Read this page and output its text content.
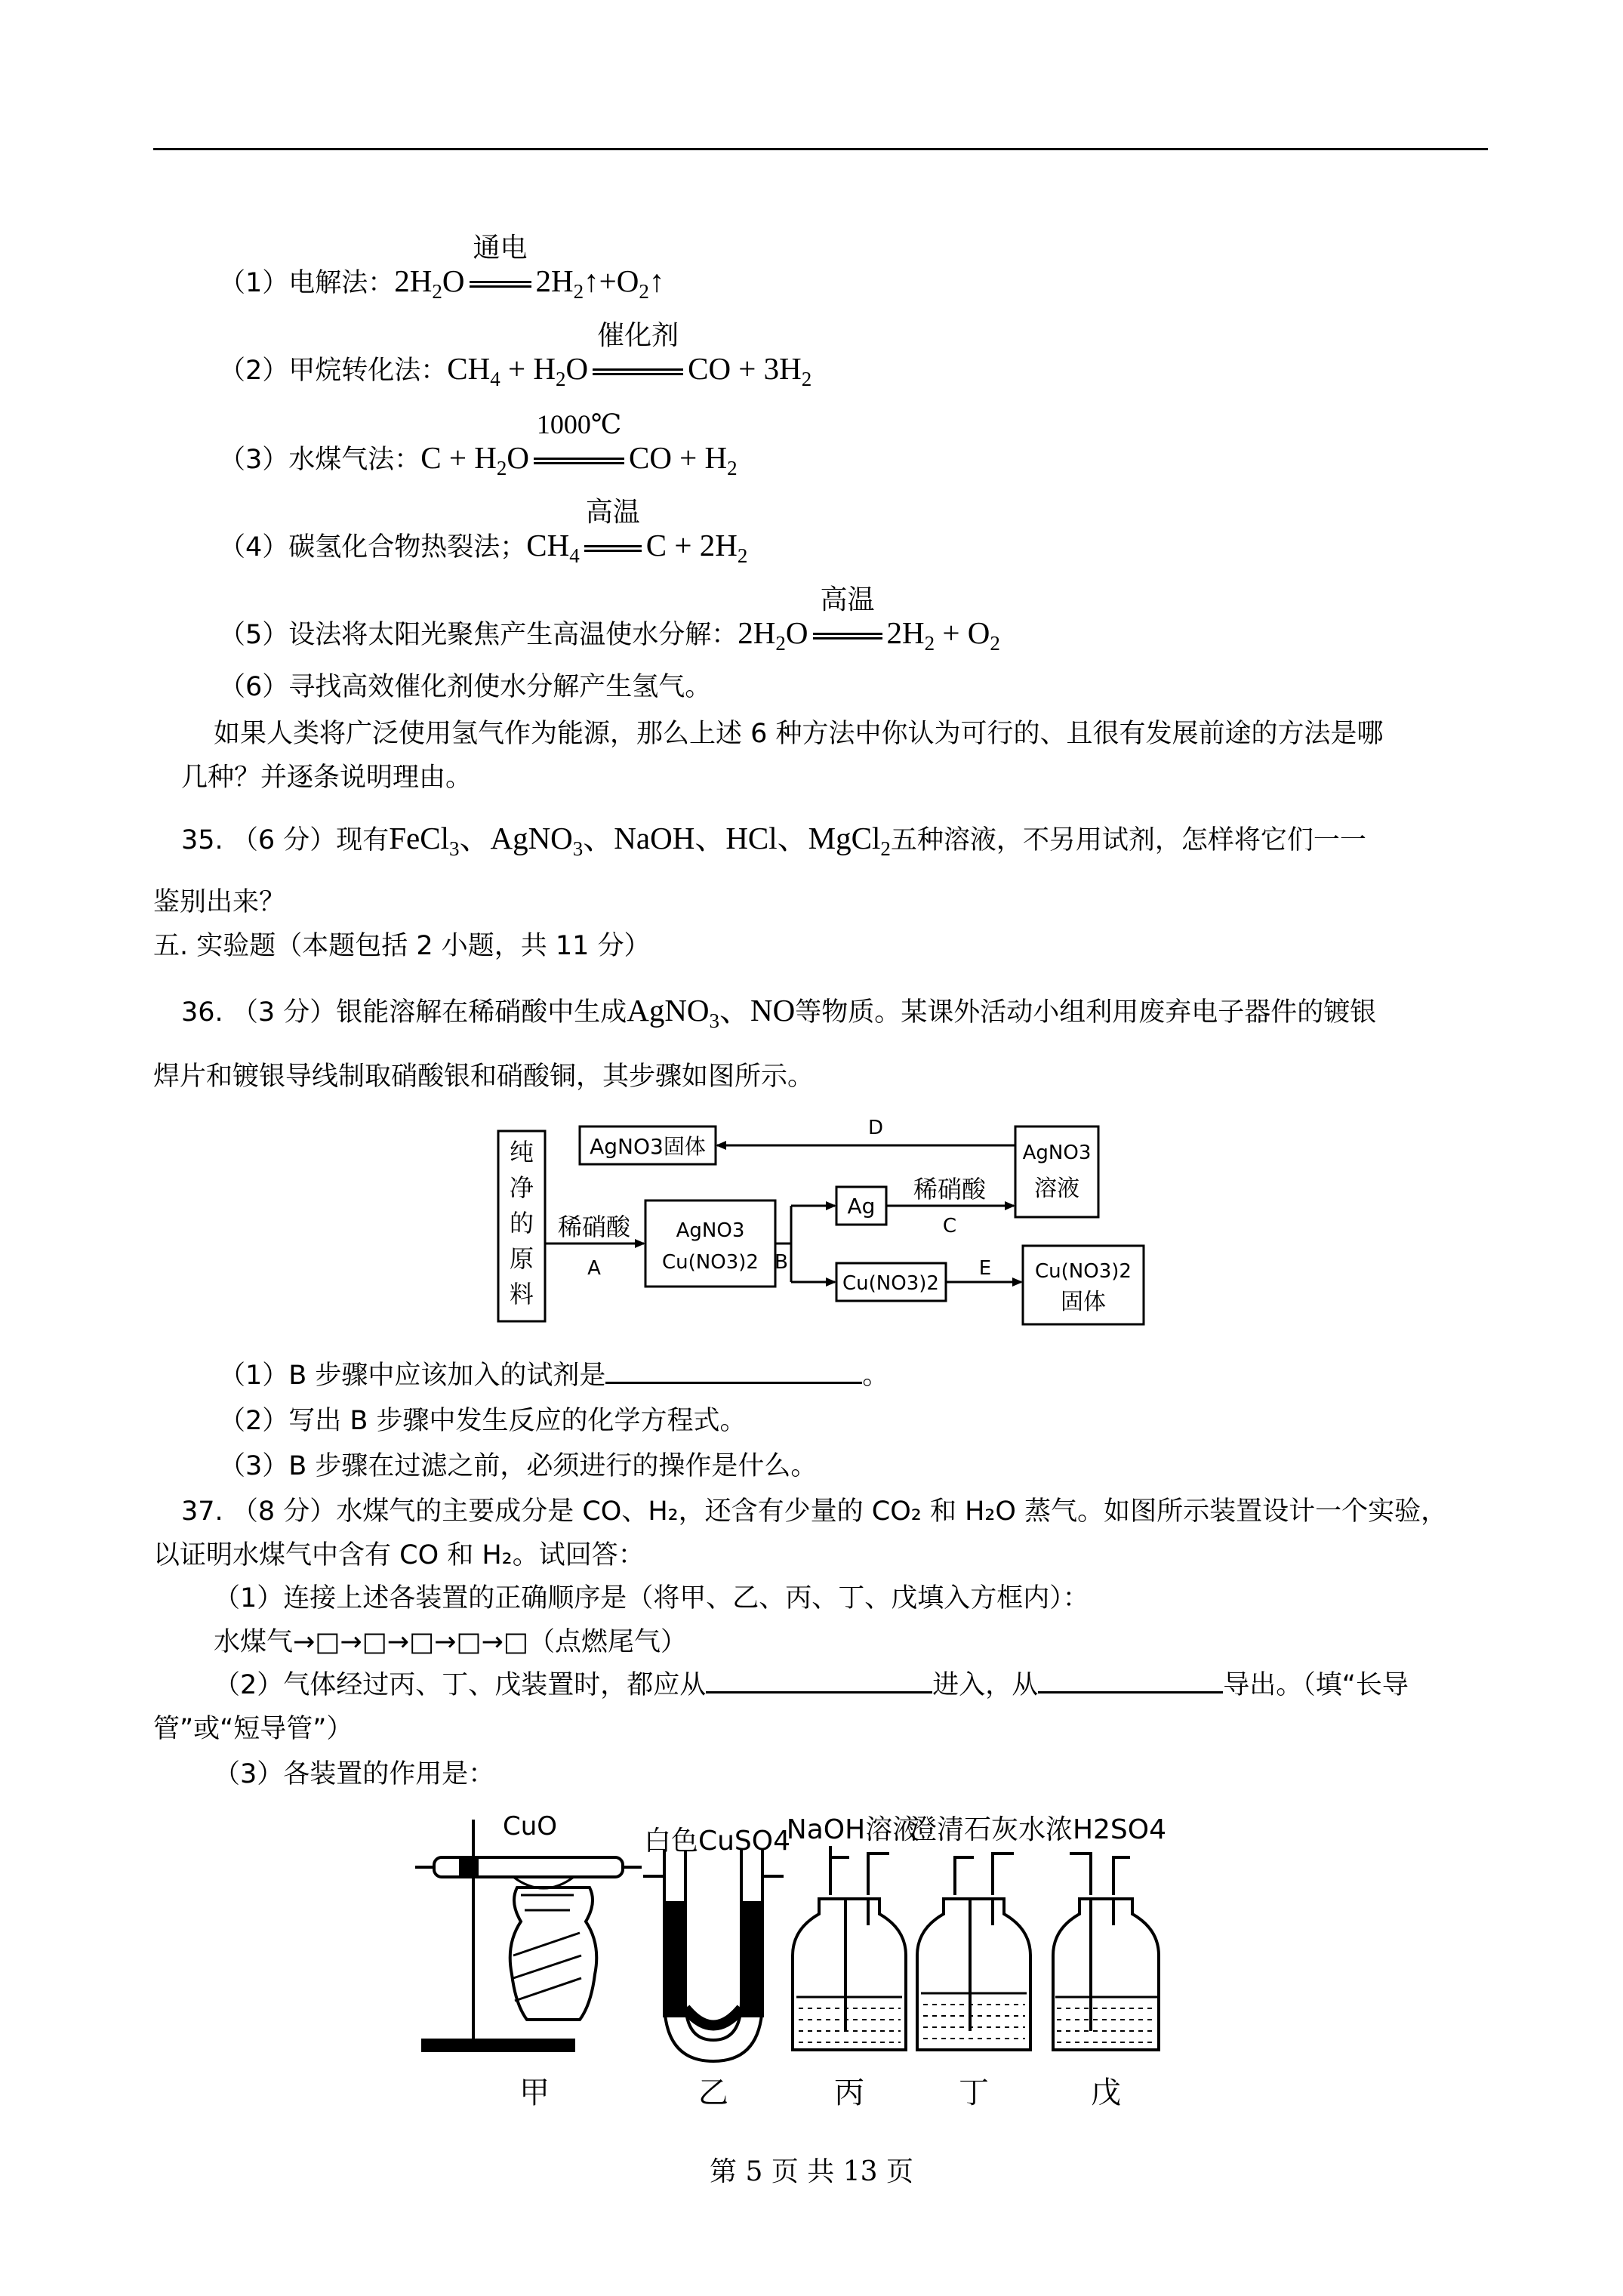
（1）电解法：$2H_2O$
通电
$2H_2↑+O_2↑$
（2）甲烷转化法：$CH_4 + H_2O$
催化剂
CO + $3H_2$
（3）水煤气法：$C + H_2O$
1000℃
CO + $H_2$
（4）碳氢化合物热裂法；$CH_4$
高温
$C + 2H_2$
（5）设法将太阳光聚焦产生高温使水分解：$2H_2O$
高温
$2H_2 + O_2$
（6）寻找高效催化剂使水分解产生氢气。
如果人类将广泛使用氢气作为能源，那么上述 6 种方法中你认为可行的、且很有发展前途的方法是哪
几种？并逐条说明理由。
35. （6 分）现有FeCl$_3$、AgNO$_3$、NaOH、HCl、MgCl$_2$五种溶液，不另用试剂，怎样将它们一一
鉴别出来？
五. 实验题（本题包括 2 小题，共 11 分）
36. （3 分）银能溶解在稀硝酸中生成AgNO$_3$、NO等物质。某课外活动小组利用废弃电子器件的镀银
焊片和镀银导线制取硝酸银和硝酸铜，其步骤如图所示。
纯
净
的
原
料
稀硝酸
A
AgNO3
Cu(NO3)2 B
Ag
稀硝酸
C
AgNO3
溶液
D
AgNO3固体
Cu(NO3)2
E Cu(NO3)2
固体
（1）B 步骤中应该加入的试剂是	。
（2）写出 B 步骤中发生反应的化学方程式。
（3）B 步骤在过滤之前，必须进行的操作是什么。
37. （8 分）水煤气的主要成分是 CO、H₂，还含有少量的 CO₂ 和 H₂O 蒸气。如图所示装置设计一个实验，
以证明水煤气中含有 CO 和 H₂。试回答：
（1）连接上述各装置的正确顺序是（将甲、乙、丙、丁、戊填入方框内）：
水煤气→□→□→□→□→□（点燃尾气）
（2）气体经过丙、丁、戊装置时，都应从	进入，从	导出。（填“长导
管”或“短导管”）
（3）各装置的作用是：
CuO	白色CuSO4
NaOH溶液
澄清石灰水 浓H2SO4
甲	乙	丙	丁	戊
第 5 页 共 13 页
